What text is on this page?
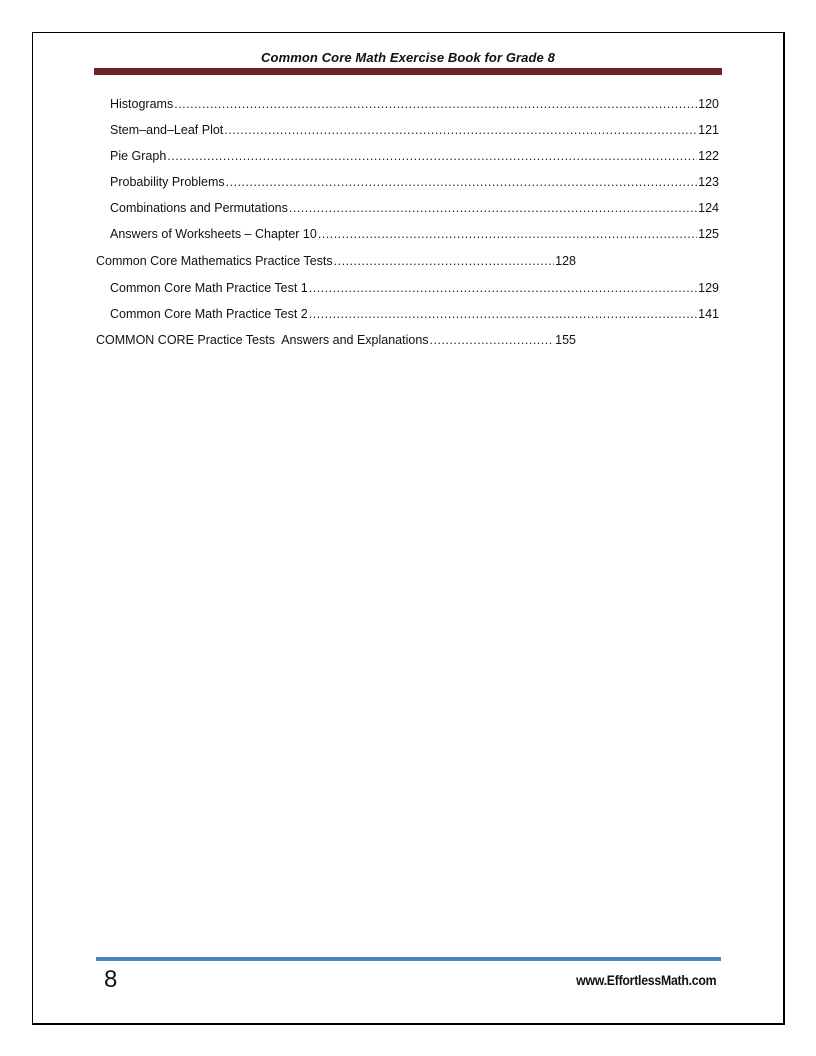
Common Core Math Exercise Book for Grade 8
Histograms .....	120
Stem–and–Leaf Plot .....	121
Pie Graph .....	122
Probability Problems .....	123
Combinations and Permutations .....	124
Answers of Worksheets – Chapter 10 .....	125
Common Core Mathematics Practice Tests .....	128
Common Core Math Practice Test 1 .....	129
Common Core Math Practice Test 2 .....	141
COMMON CORE Practice Tests  Answers and Explanations .....	155
8	www.EffortlessMath.com
